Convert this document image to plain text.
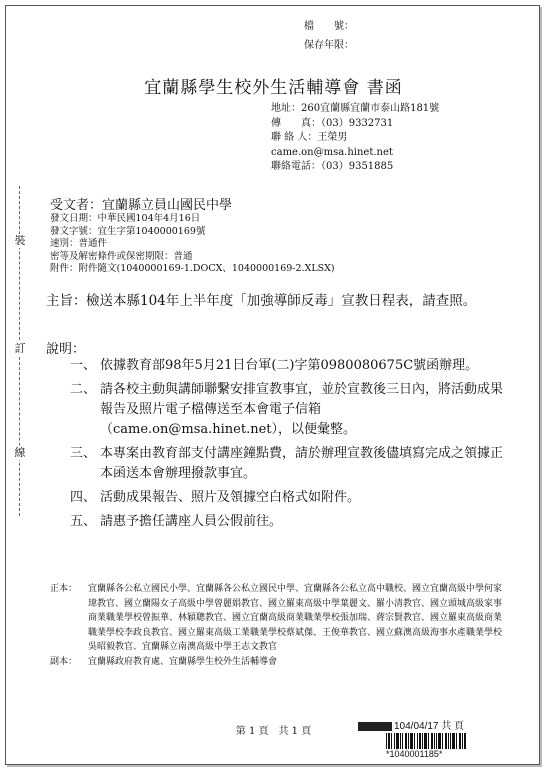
檔　　號：
保存年限：
宜蘭縣學生校外生活輔導會 書函
地址：260宜蘭縣宜蘭市泰山路181號
傳　　真：（03）9332731
聯 絡 人：王榮男
came.on@msa.hinet.net
聯絡電話：（03）9351885
受文者：宜蘭縣立員山國民中學
發文日期：中華民國104年4月16日
發文字號：宜生字第1040000169號
速別：普通件
密等及解密條件或保密期限：普通
附件：附件隨文(1040000169-1.DOCX、1040000169-2.XLSX)
主旨： 檢送本縣104年上半年度「加強導師反毒」宣教日程表，請查照。
說明：
一、 依據教育部98年5月21日台軍(二)字第0980080675C號函辦理。
二、 請各校主動與講師聯繫安排宣教事宜，並於宣教後三日內，將活動成果報告及照片電子檔傳送至本會電子信箱（came.on@msa.hinet.net），以便彙整。
三、 本專案由教育部支付講座鐘點費，請於辦理宣教後儘填寫完成之領據正本函送本會辦理撥款事宜。
四、 活動成果報告、照片及領據空白格式如附件。
五、 請惠予擔任講座人員公假前往。
正本：	宜蘭縣各公私立國民小學、宜蘭縣各公私立國民中學、宜蘭縣各公私立高中職校、國立宜蘭高級中學何家瑋教官、國立蘭陽女子高級中學曾麗娟教官、國立羅東高級中學葉麗文、羅小清教官、國立頭城高級家事商業職業學校曾振華、林穎聰教官、國立宜蘭高級商業職業學校張加瑞、蔣宗賢教官、國立羅東高級商業職業學校李政良教官、國立羅東高級工業職業學校蔡斌傑、王俊華教官、國立蘇澳高級海事水產職業學校吳昭毅教官、宜蘭縣立南澳高級中學王志文教官
副本：	宜蘭縣政府教育處、宜蘭縣學生校外生活輔導會
裝
訂
線
第 1 頁　共 1 頁	104/04/17 共 頁
*1040001185*
